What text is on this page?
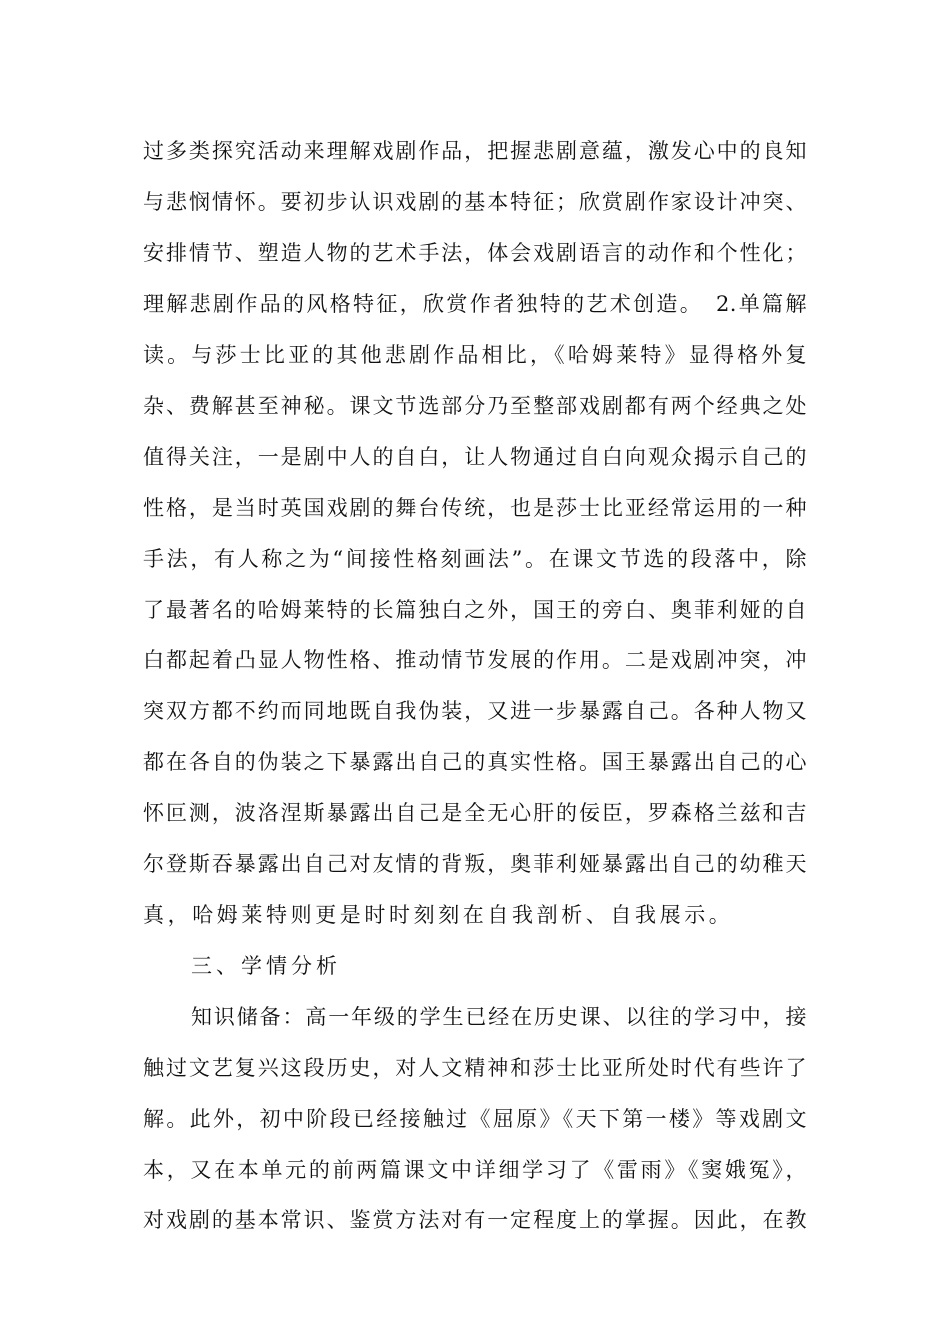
过多类探究活动来理解戏剧作品，把握悲剧意蕴，激发心中的良知
与悲悯情怀。要初步认识戏剧的基本特征；欣赏剧作家设计冲突、
安排情节、塑造人物的艺术手法，体会戏剧语言的动作和个性化；
理解悲剧作品的风格特征，欣赏作者独特的艺术创造。　2.单篇解
读。与莎士比亚的其他悲剧作品相比，《哈姆莱特》显得格外复
杂、费解甚至神秘。课文节选部分乃至整部戏剧都有两个经典之处
值得关注，一是剧中人的自白，让人物通过自白向观众揭示自己的
性格，是当时英国戏剧的舞台传统，也是莎士比亚经常运用的一种
手法，有人称之为“间接性格刻画法”。在课文节选的段落中，除
了最著名的哈姆莱特的长篇独白之外，国王的旁白、奥菲利娅的自
白都起着凸显人物性格、推动情节发展的作用。二是戏剧冲突，冲
突双方都不约而同地既自我伪装，又进一步暴露自己。各种人物又
都在各自的伪装之下暴露出自己的真实性格。国王暴露出自己的心
怀叵测，波洛涅斯暴露出自己是全无心肝的佞臣，罗森格兰兹和吉
尔登斯吞暴露出自己对友情的背叛，奥菲利娅暴露出自己的幼稚天
真，哈姆莱特则更是时时刻刻在自我剖析、自我展示。
三、学情分析
知识储备：高一年级的学生已经在历史课、以往的学习中，接
触过文艺复兴这段历史，对人文精神和莎士比亚所处时代有些许了
解。此外，初中阶段已经接触过《屈原》《天下第一楼》等戏剧文
本，又在本单元的前两篇课文中详细学习了《雷雨》《窦娥冤》，
对戏剧的基本常识、鉴赏方法对有一定程度上的掌握。因此，在教
